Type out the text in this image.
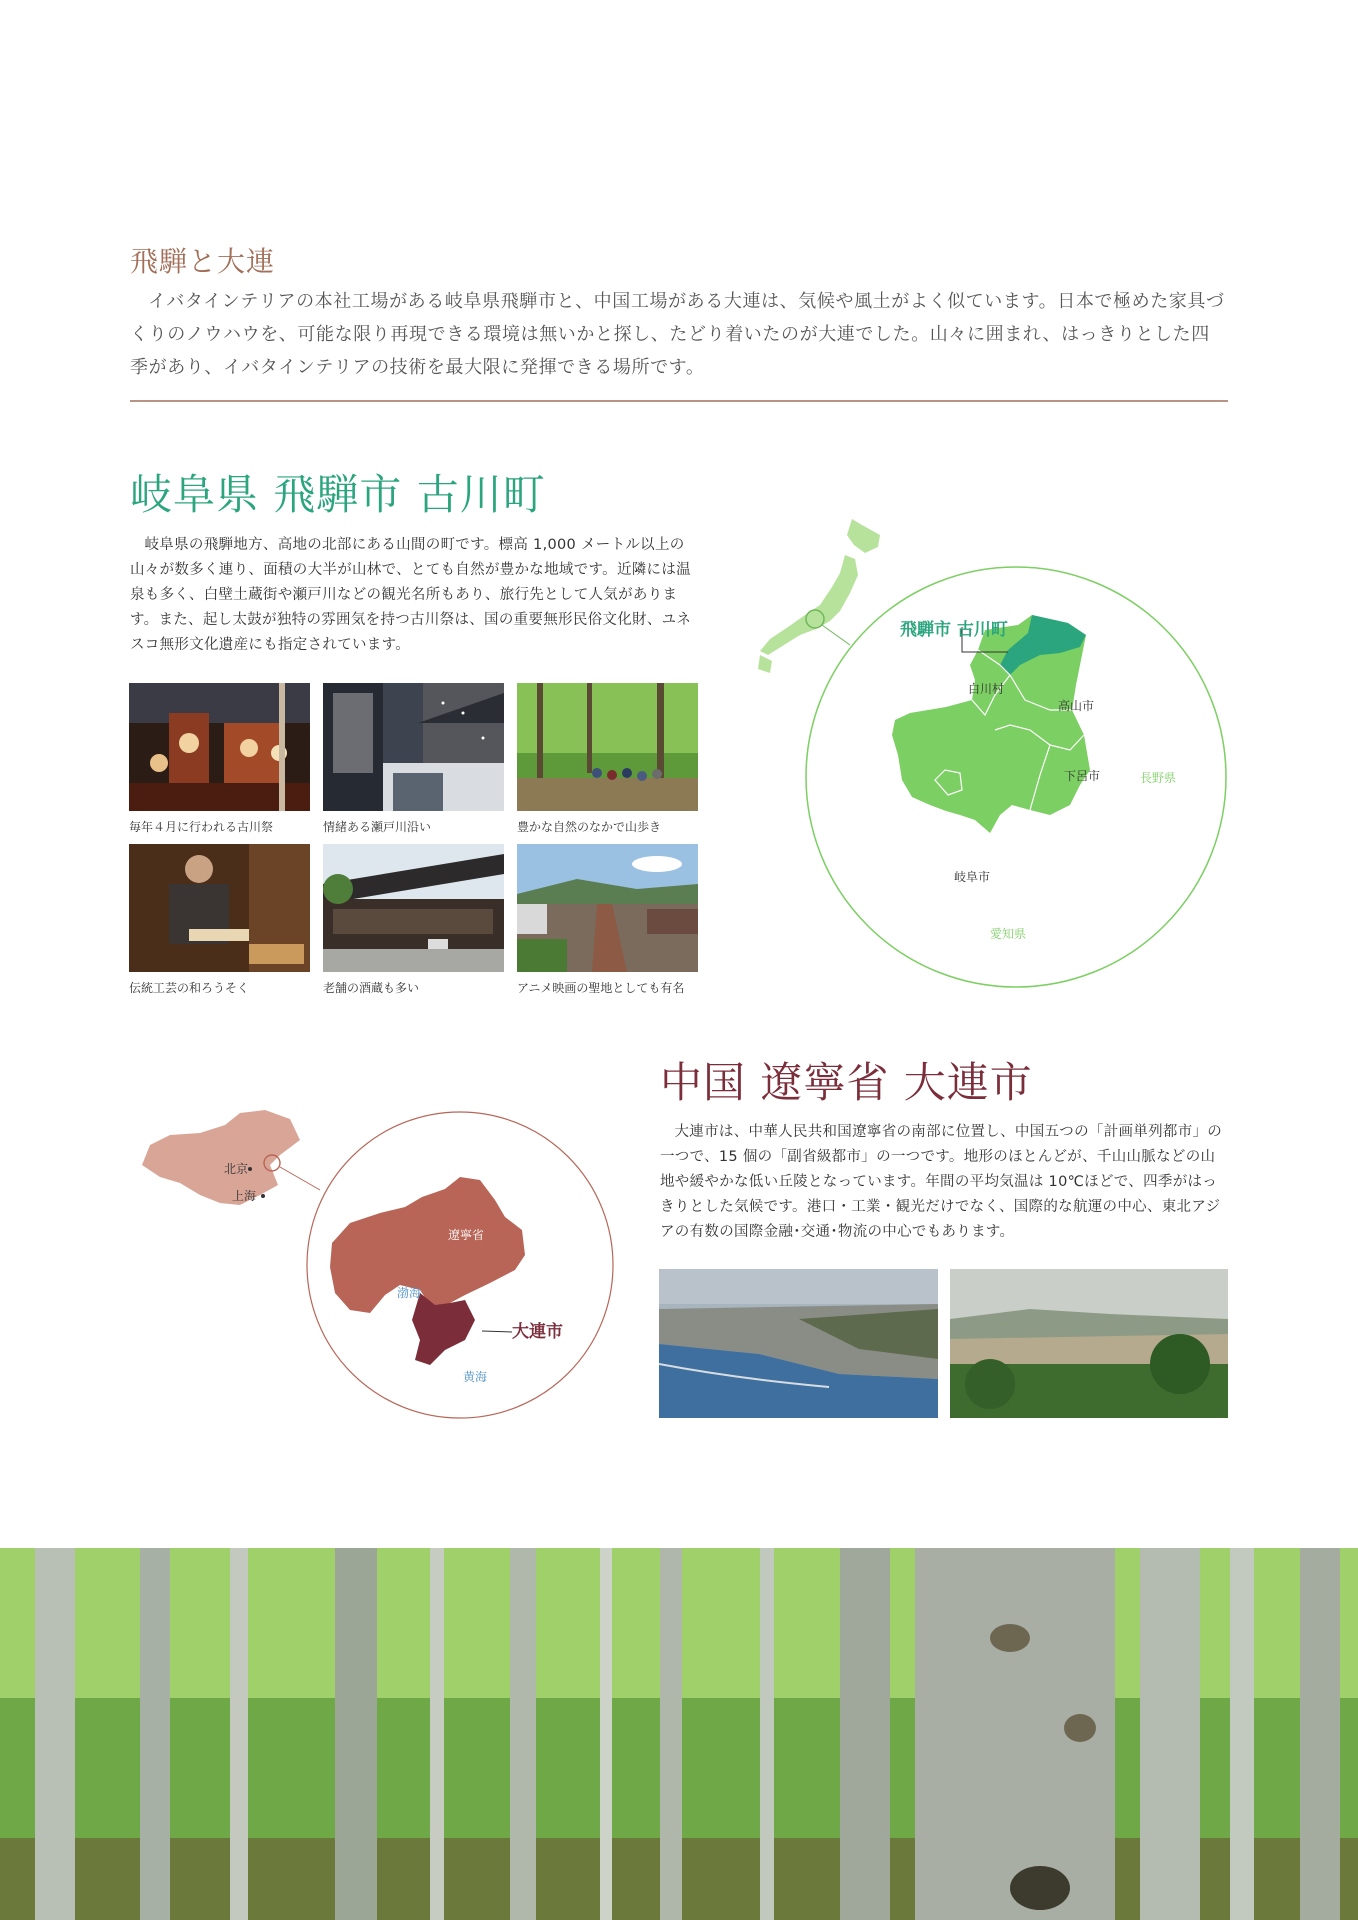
飛騨と大連
イバタインテリアの本社工場がある岐阜県飛騨市と、中国工場がある大連は、気候や風土がよく似ています。日本で極めた家具づくりのノウハウを、可能な限り再現できる環境は無いかと探し、たどり着いたのが大連でした。山々に囲まれ、はっきりとした四季があり、イバタインテリアの技術を最大限に発揮できる場所です。
岐阜県 飛騨市 古川町
岐阜県の飛騨地方、高地の北部にある山間の町です。標高 1,000 メートル以上の山々が数多く連り、面積の大半が山林で、とても自然が豊かな地域です。近隣には温泉も多く、白壁土蔵街や瀬戸川などの観光名所もあり、旅行先として人気があります。また、起し太鼓が独特の雰囲気を持つ古川祭は、国の重要無形民俗文化財、ユネスコ無形文化遺産にも指定されています。
毎年４月に行われる古川祭	情緒ある瀬戸川沿い	豊かな自然のなかで山歩き
伝統工芸の和ろうそく	老舗の酒蔵も多い	アニメ映画の聖地としても有名
飛騨市 古川町
白川村
高山市
下呂市
岐阜市
福井県
長野県
愛知県
中国 遼寧省 大連市
大連市は、中華人民共和国遼寧省の南部に位置し、中国五つの「計画単列都市」の一つで、15 個の「副省級都市」の一つです。地形のほとんどが、千山山脈などの山地や緩やかな低い丘陵となっています。年間の平均気温は 10℃ほどで、四季がはっきりとした気候です。港口・工業・観光だけでなく、国際的な航運の中心、東北アジアの有数の国際金融･交通･物流の中心でもあります。
北京
上海
遼寧省
渤海
黄海
大連市
